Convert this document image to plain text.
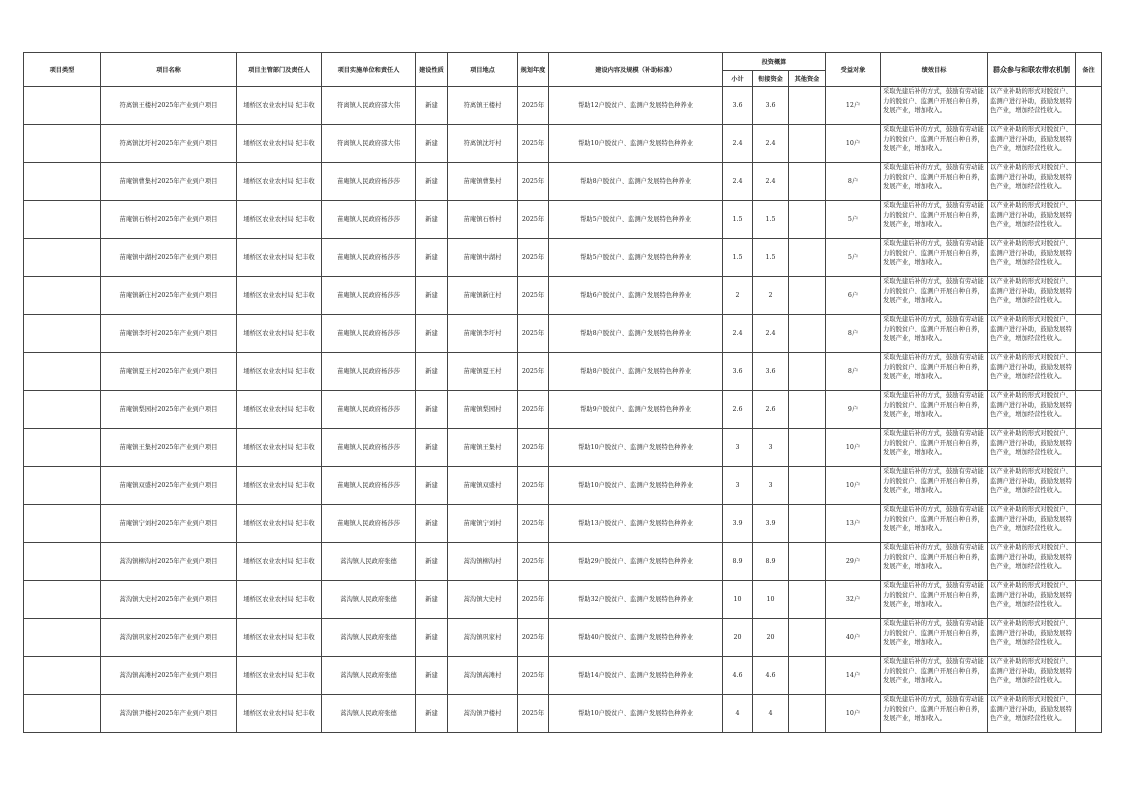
项目类型	项目名称	项目主管部门及责任人	项目实施单位和责任人	建设性质	项目地点	规划年度	建设内容及规模（补助标准）	投资概算			受益对象	绩效目标	群众参与和联农带农机制	备注
								小计	衔接资金	其他资金				
	符离镇王楼村2025年产业到户项目	埇桥区农业农村局 纪丰收	符离镇人民政府邵大伟	新建	符离镇王楼村	2025年	帮助12户脱贫户、监测户发展特色种养业	3.6	3.6		12户	采取先建后补的方式，鼓励有劳动能力的脱贫户、监测户开展自种自养，发展产业，增加收入。	以产业补助的形式对脱贫户、监测户进行补助，鼓励发展特色产业，增加经营性收入。	

	符离镇沈圩村2025年产业到户项目	埇桥区农业农村局 纪丰收	符离镇人民政府邵大伟	新建	符离镇沈圩村	2025年	帮助10户脱贫户、监测户发展特色种养业	2.4	2.4		10户	采取先建后补的方式，鼓励有劳动能力的脱贫户、监测户开展自种自养，发展产业，增加收入。	以产业补助的形式对脱贫户、监测户进行补助，鼓励发展特色产业，增加经营性收入。	

	苗庵镇曹集村2025年产业到户项目	埇桥区农业农村局 纪丰收	苗庵镇人民政府杨莎莎	新建	苗庵镇曹集村	2025年	帮助8户脱贫户、监测户发展特色种养业	2.4	2.4		8户	采取先建后补的方式，鼓励有劳动能力的脱贫户、监测户开展自种自养，发展产业，增加收入。	以产业补助的形式对脱贫户、监测户进行补助，鼓励发展特色产业，增加经营性收入。	

	苗庵镇石桥村2025年产业到户项目	埇桥区农业农村局 纪丰收	苗庵镇人民政府杨莎莎	新建	苗庵镇石桥村	2025年	帮助5户脱贫户、监测户发展特色种养业	1.5	1.5		5户	采取先建后补的方式，鼓励有劳动能力的脱贫户、监测户开展自种自养，发展产业，增加收入。	以产业补助的形式对脱贫户、监测户进行补助，鼓励发展特色产业，增加经营性收入。	

	苗庵镇中湖村2025年产业到户项目	埇桥区农业农村局 纪丰收	苗庵镇人民政府杨莎莎	新建	苗庵镇中湖村	2025年	帮助5户脱贫户、监测户发展特色种养业	1.5	1.5		5户	采取先建后补的方式，鼓励有劳动能力的脱贫户、监测户开展自种自养，发展产业，增加收入。	以产业补助的形式对脱贫户、监测户进行补助，鼓励发展特色产业，增加经营性收入。	

	苗庵镇新庄村2025年产业到户项目	埇桥区农业农村局 纪丰收	苗庵镇人民政府杨莎莎	新建	苗庵镇新庄村	2025年	帮助6户脱贫户、监测户发展特色种养业	2	2		6户	采取先建后补的方式，鼓励有劳动能力的脱贫户、监测户开展自种自养，发展产业，增加收入。	以产业补助的形式对脱贫户、监测户进行补助，鼓励发展特色产业，增加经营性收入。	

	苗庵镇李圩村2025年产业到户项目	埇桥区农业农村局 纪丰收	苗庵镇人民政府杨莎莎	新建	苗庵镇李圩村	2025年	帮助8户脱贫户、监测户发展特色种养业	2.4	2.4		8户	采取先建后补的方式，鼓励有劳动能力的脱贫户、监测户开展自种自养，发展产业，增加收入。	以产业补助的形式对脱贫户、监测户进行补助，鼓励发展特色产业，增加经营性收入。	

	苗庵镇夏王村2025年产业到户项目	埇桥区农业农村局 纪丰收	苗庵镇人民政府杨莎莎	新建	苗庵镇夏王村	2025年	帮助8户脱贫户、监测户发展特色种养业	3.6	3.6		8户	采取先建后补的方式，鼓励有劳动能力的脱贫户、监测户开展自种自养，发展产业，增加收入。	以产业补助的形式对脱贫户、监测户进行补助，鼓励发展特色产业，增加经营性收入。	

	苗庵镇梨园村2025年产业到户项目	埇桥区农业农村局 纪丰收	苗庵镇人民政府杨莎莎	新建	苗庵镇梨园村	2025年	帮助9户脱贫户、监测户发展特色种养业	2.6	2.6		9户	采取先建后补的方式，鼓励有劳动能力的脱贫户、监测户开展自种自养，发展产业，增加收入。	以产业补助的形式对脱贫户、监测户进行补助，鼓励发展特色产业，增加经营性收入。	

	苗庵镇王集村2025年产业到户项目	埇桥区农业农村局 纪丰收	苗庵镇人民政府杨莎莎	新建	苗庵镇王集村	2025年	帮助10户脱贫户、监测户发展特色种养业	3	3		10户	采取先建后补的方式，鼓励有劳动能力的脱贫户、监测户开展自种自养，发展产业，增加收入。	以产业补助的形式对脱贫户、监测户进行补助，鼓励发展特色产业，增加经营性收入。	

	苗庵镇双盛村2025年产业到户项目	埇桥区农业农村局 纪丰收	苗庵镇人民政府杨莎莎	新建	苗庵镇双盛村	2025年	帮助10户脱贫户、监测户发展特色种养业	3	3		10户	采取先建后补的方式，鼓励有劳动能力的脱贫户、监测户开展自种自养，发展产业，增加收入。	以产业补助的形式对脱贫户、监测户进行补助，鼓励发展特色产业，增加经营性收入。	

	苗庵镇宁刘村2025年产业到户项目	埇桥区农业农村局 纪丰收	苗庵镇人民政府杨莎莎	新建	苗庵镇宁刘村	2025年	帮助13户脱贫户、监测户发展特色种养业	3.9	3.9		13户	采取先建后补的方式，鼓励有劳动能力的脱贫户、监测户开展自种自养，发展产业，增加收入。	以产业补助的形式对脱贫户、监测户进行补助，鼓励发展特色产业，增加经营性收入。	

	蒿沟镇柳沟村2025年产业到户项目	埇桥区农业农村局 纪丰收	蒿沟镇人民政府张德	新建	蒿沟镇柳沟村	2025年	帮助29户脱贫户、监测户发展特色种养业	8.9	8.9		29户	采取先建后补的方式，鼓励有劳动能力的脱贫户、监测户开展自种自养，发展产业，增加收入。	以产业补助的形式对脱贫户、监测户进行补助，鼓励发展特色产业，增加经营性收入。	

	蒿沟镇大史村2025年产业到户项目	埇桥区农业农村局 纪丰收	蒿沟镇人民政府张德	新建	蒿沟镇大史村	2025年	帮助32户脱贫户、监测户发展特色种养业	10	10		32户	采取先建后补的方式，鼓励有劳动能力的脱贫户、监测户开展自种自养，发展产业，增加收入。	以产业补助的形式对脱贫户、监测户进行补助，鼓励发展特色产业，增加经营性收入。	

	蒿沟镇巩家村2025年产业到户项目	埇桥区农业农村局 纪丰收	蒿沟镇人民政府张德	新建	蒿沟镇巩家村	2025年	帮助40户脱贫户、监测户发展特色种养业	20	20		40户	采取先建后补的方式，鼓励有劳动能力的脱贫户、监测户开展自种自养，发展产业，增加收入。	以产业补助的形式对脱贫户、监测户进行补助，鼓励发展特色产业，增加经营性收入。	

	蒿沟镇高滩村2025年产业到户项目	埇桥区农业农村局 纪丰收	蒿沟镇人民政府张德	新建	蒿沟镇高滩村	2025年	帮助14户脱贫户、监测户发展特色种养业	4.6	4.6		14户	采取先建后补的方式，鼓励有劳动能力的脱贫户、监测户开展自种自养，发展产业，增加收入。	以产业补助的形式对脱贫户、监测户进行补助，鼓励发展特色产业，增加经营性收入。	

	蒿沟镇尹楼村2025年产业到户项目	埇桥区农业农村局 纪丰收	蒿沟镇人民政府张德	新建	蒿沟镇尹楼村	2025年	帮助10户脱贫户、监测户发展特色种养业	4	4		10户	采取先建后补的方式，鼓励有劳动能力的脱贫户、监测户开展自种自养，发展产业，增加收入。	以产业补助的形式对脱贫户、监测户进行补助，鼓励发展特色产业，增加经营性收入。	
